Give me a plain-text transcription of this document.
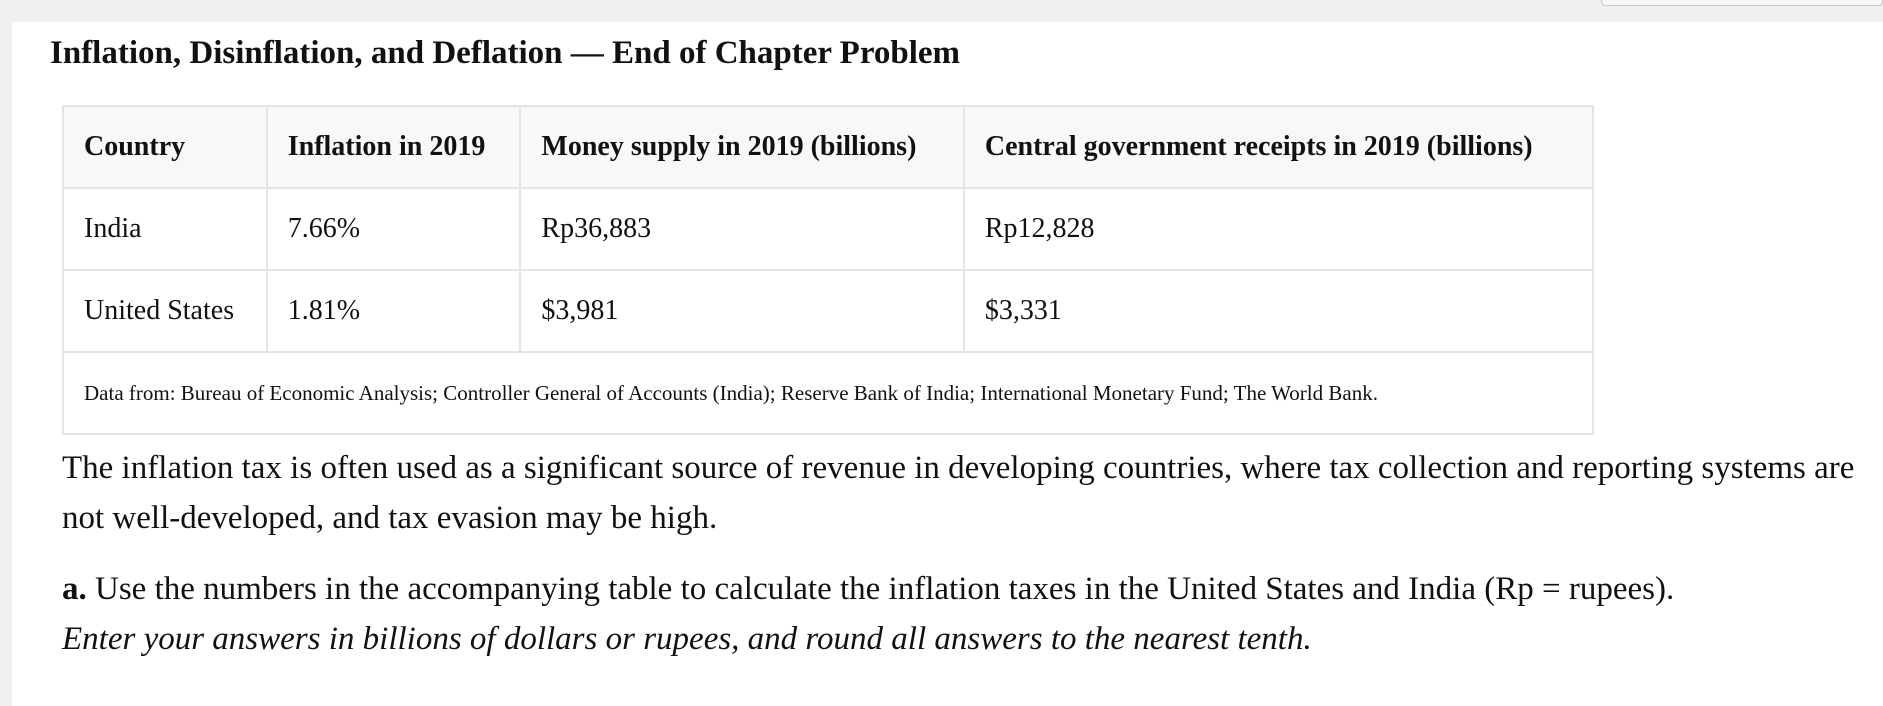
Inflation, Disinflation, and Deflation — End of Chapter Problem
Country	Inflation in 2019	Money supply in 2019 (billions)	Central government receipts in 2019 (billions)
India	7.66%	Rp36,883	Rp12,828
United States	1.81%	$3,981	$3,331
Data from: Bureau of Economic Analysis; Controller General of Accounts (India); Reserve Bank of India; International Monetary Fund; The World Bank.			

The inflation tax is often used as a significant source of revenue in developing countries, where tax collection and reporting systems are not well-developed, and tax evasion may be high.

a. Use the numbers in the accompanying table to calculate the inflation taxes in the United States and India (Rp = rupees).
Enter your answers in billions of dollars or rupees, and round all answers to the nearest tenth.
